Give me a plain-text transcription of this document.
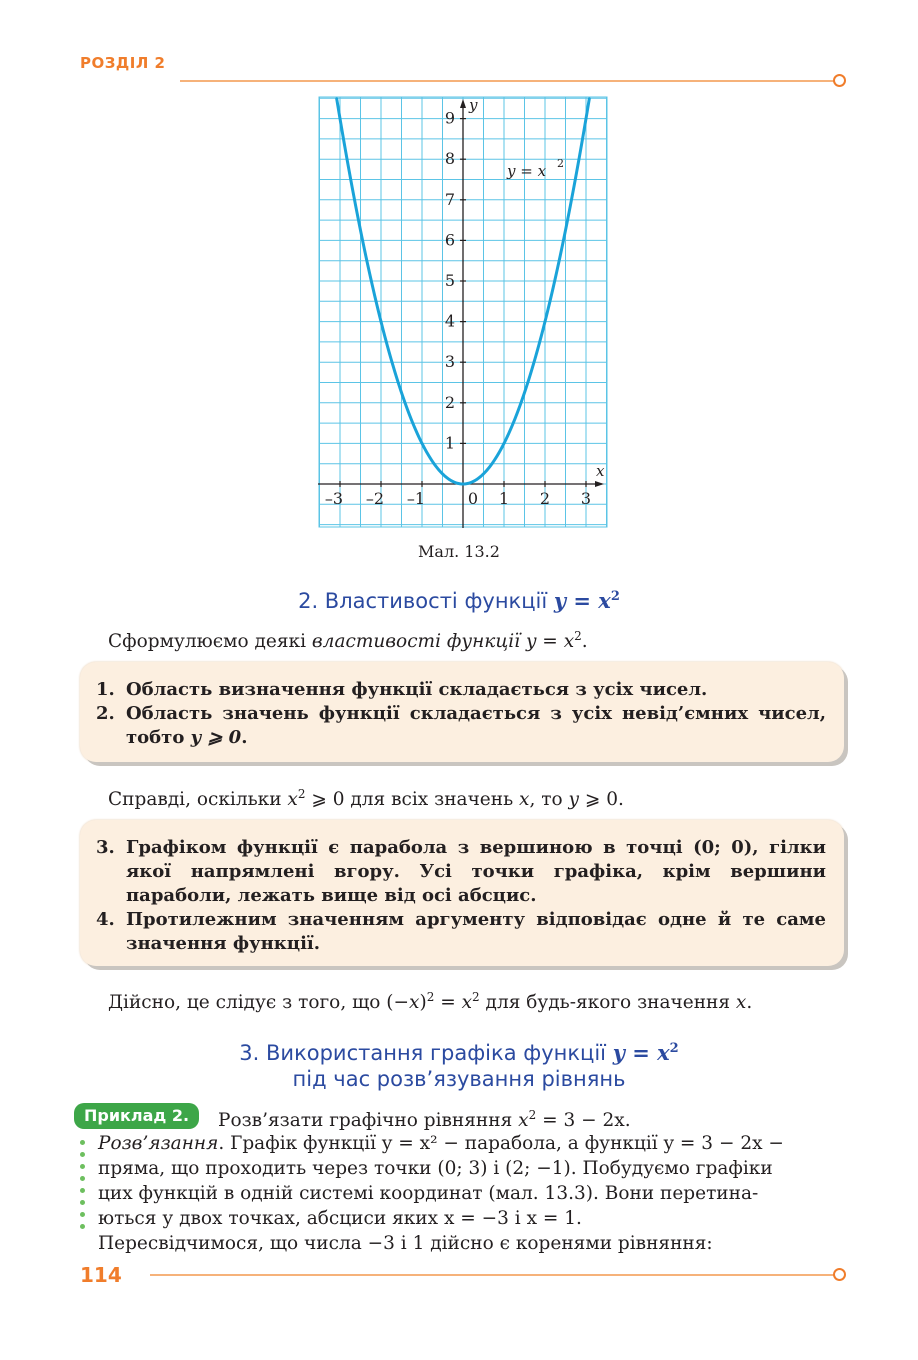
РОЗДІЛ 2
–3 –2 –1	0 1 2 3
1
2
3
4
5
6
7
8
9
x
y
y = x 2
Мал. 13.2
2. Властивості функції $y = x^2$
Сформулюємо деякі властивості функції $y = x^2$.
1. Область визначення функції складається з усіх чисел.
2. Область значень функції складається з усіх невід’ємних чисел, тобто y ⩾ 0.
Справді, оскільки $x^2$ ⩾ 0 для всіх значень x, то y ⩾ 0.
3. Графіком функції є парабола з вершиною в точці (0; 0), гілки якої напрямлені вгору. Усі точки графіка, крім вершини параболи, лежать вище від осі абсцис.
4. Протилежним значенням аргументу відповідає одне й те саме значення функції.
Дійсно, це слідує з того, що $(-x)^2 = x^2$ для будь-якого значення x.
3. Використання графіка функції $y = x^2$
під час розв’язування рівнянь
Приклад 2.	Розв’язати графічно рівняння $x^2 = 3 - 2x$.
Розв’язання. Графік функції y = x² − парабола, а функції y = 3 − 2x −
пряма, що проходить через точки (0; 3) і (2; −1). Побудуємо графіки
цих функцій в одній системі координат (мал. 13.3). Вони перетина-
ються у двох точках, абсциси яких x = −3 і x = 1.
Пересвідчимося, що числа −3 і 1 дійсно є коренями рівняння:
114
